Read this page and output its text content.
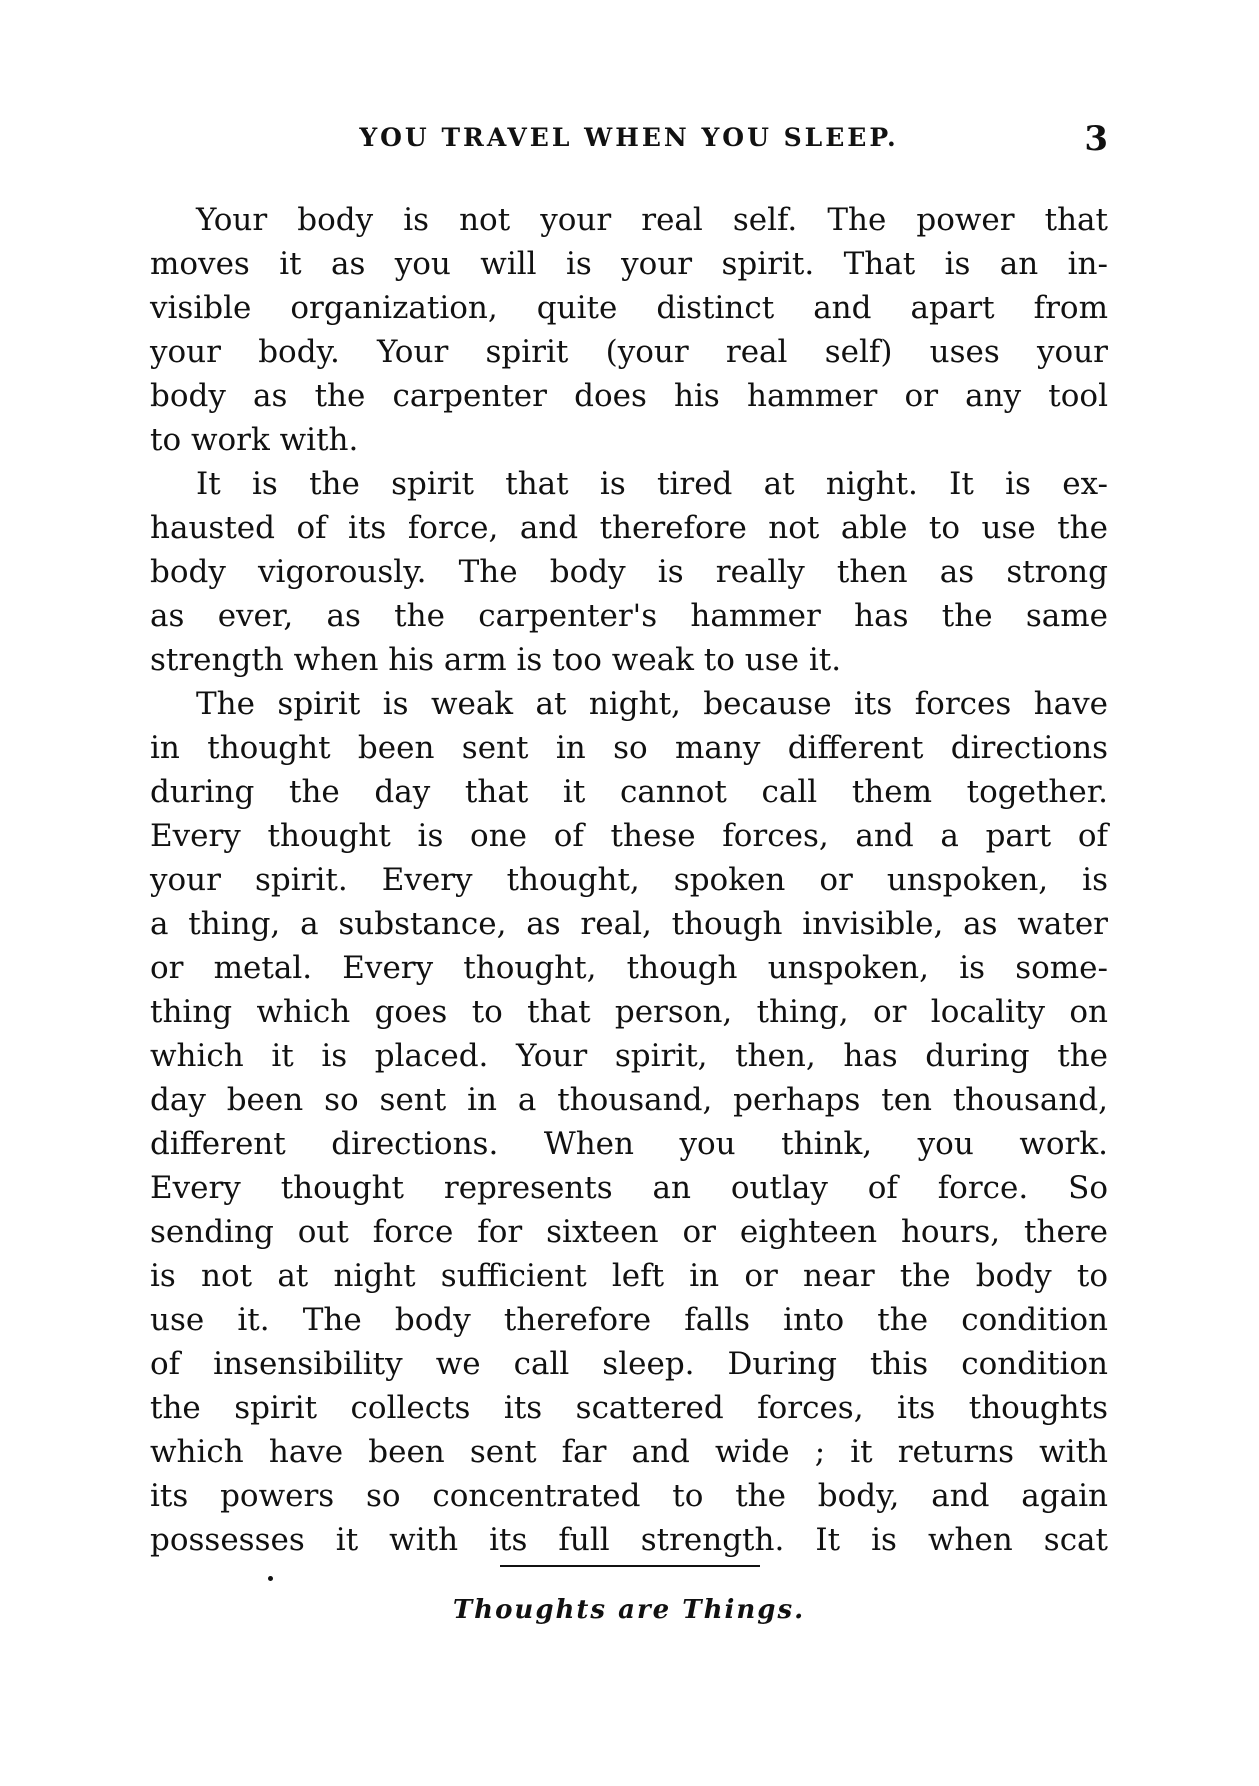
YOU TRAVEL WHEN YOU SLEEP.	3
Your body is not your real self. The power that
moves it as you will is your spirit. That is an in-
visible organization, quite distinct and apart from
your body. Your spirit (your real self) uses your
body as the carpenter does his hammer or any tool
to work with.
It is the spirit that is tired at night. It is ex-
hausted of its force, and therefore not able to use the
body vigorously. The body is really then as strong
as ever, as the carpenter's hammer has the same
strength when his arm is too weak to use it.
The spirit is weak at night, because its forces have
in thought been sent in so many different directions
during the day that it cannot call them together.
Every thought is one of these forces, and a part of
your spirit. Every thought, spoken or unspoken, is
a thing, a substance, as real, though invisible, as water
or metal. Every thought, though unspoken, is some-
thing which goes to that person, thing, or locality on
which it is placed. Your spirit, then, has during the
day been so sent in a thousand, perhaps ten thousand,
different directions. When you think, you work.
Every thought represents an outlay of force. So
sending out force for sixteen or eighteen hours, there
is not at night sufficient left in or near the body to
use it. The body therefore falls into the condition
of insensibility we call sleep. During this condition
the spirit collects its scattered forces, its thoughts
which have been sent far and wide ; it returns with
its powers so concentrated to the body, and again
possesses it with its full strength. It is when scat
Thoughts are Things.
